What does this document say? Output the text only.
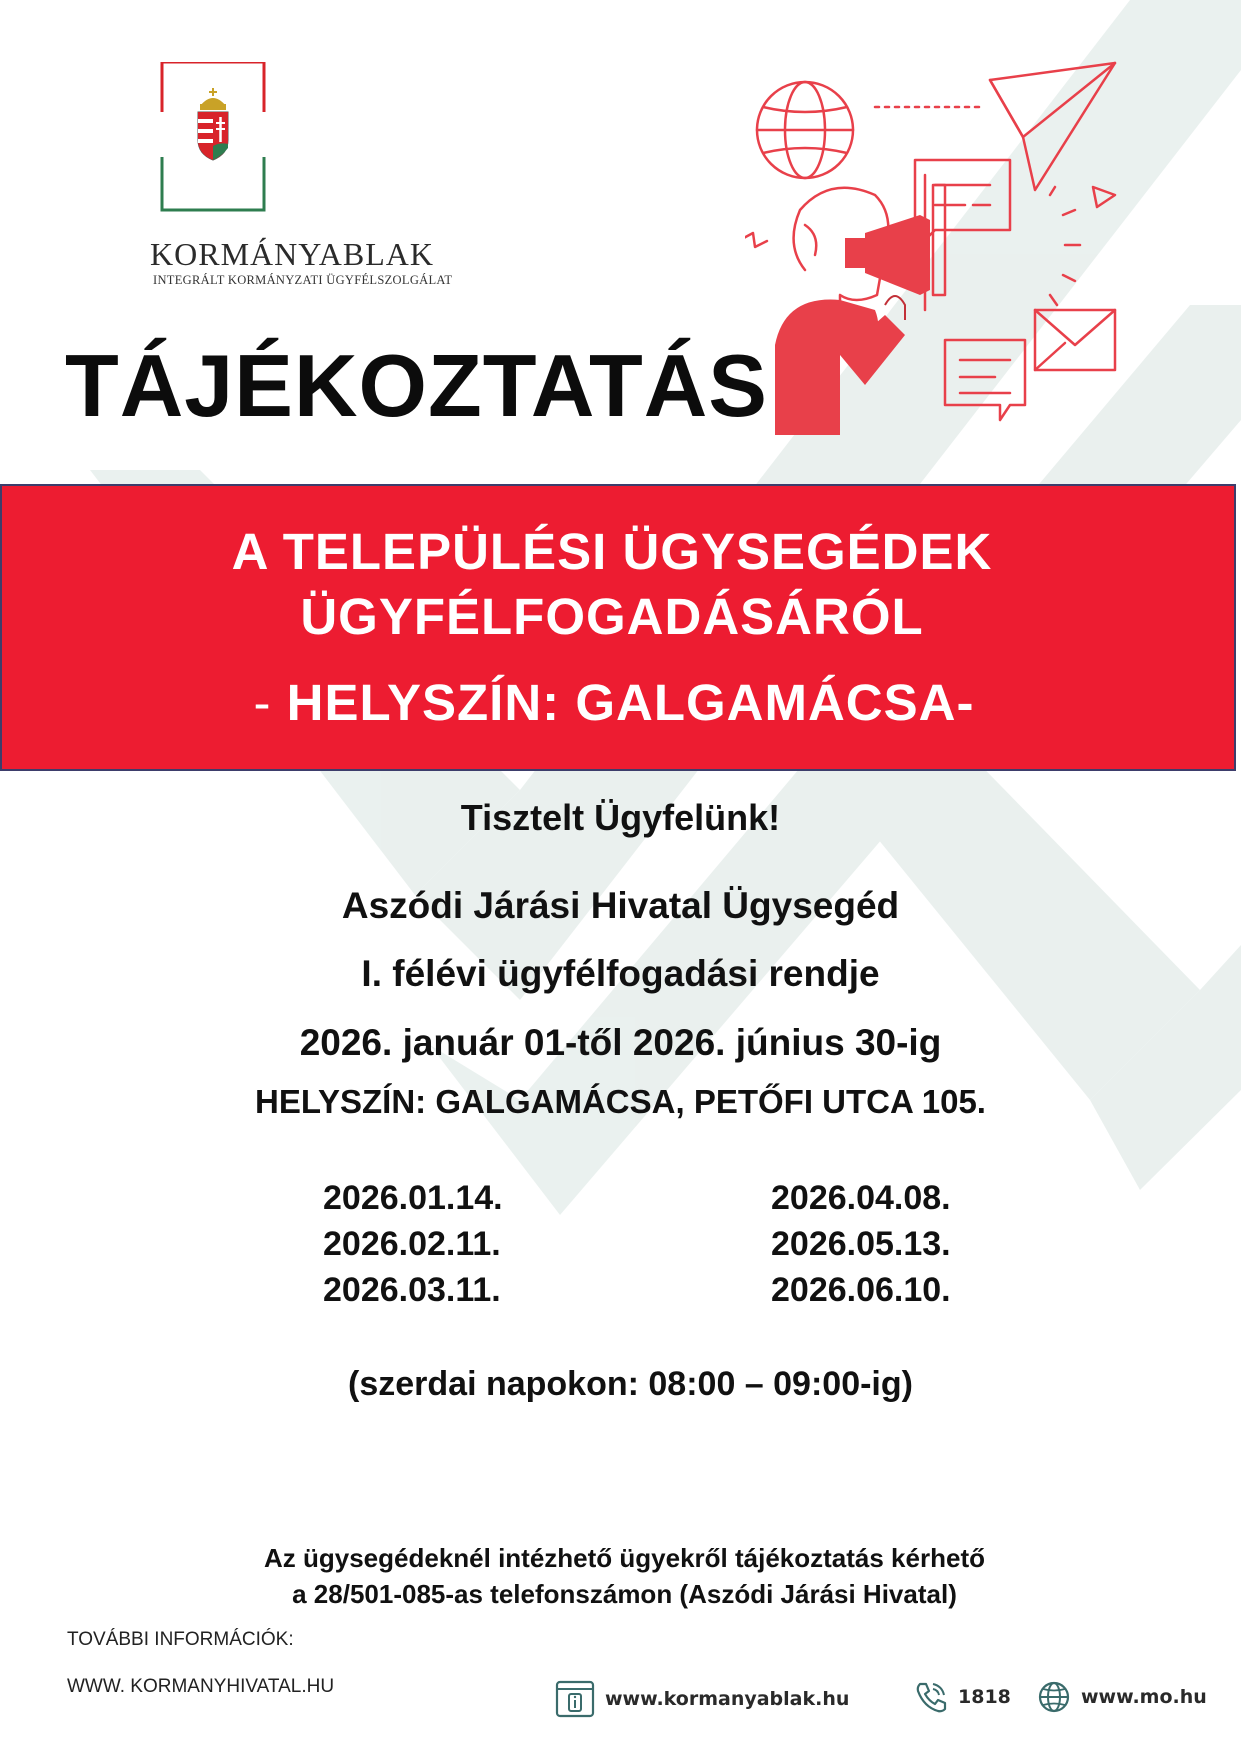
KORMÁNYABLAK
INTEGRÁLT KORMÁNYZATI ÜGYFÉLSZOLGÁLAT
TÁJÉKOZTATÁS
A TELEPÜLÉSI ÜGYSEGÉDEK
ÜGYFÉLFOGADÁSÁRÓL
- HELYSZÍN: GALGAMÁCSA-
Tisztelt Ügyfelünk!
Aszódi Járási Hivatal Ügysegéd
I. félévi ügyfélfogadási rendje
2026. január 01-től 2026. június 30-ig
HELYSZÍN: GALGAMÁCSA, PETŐFI UTCA 105.
2026.01.14.
2026.02.11.
2026.03.11.
2026.04.08.
2026.05.13.
2026.06.10.
(szerdai napokon: 08:00 – 09:00-ig)
Az ügysegédeknél intézhető ügyekről tájékoztatás kérhető
a 28/501-085-as telefonszámon (Aszódi Járási Hivatal)
TOVÁBBI INFORMÁCIÓK:
WWW. KORMANYHIVATAL.HU
www.kormanyablak.hu	1818	www.mo.hu
